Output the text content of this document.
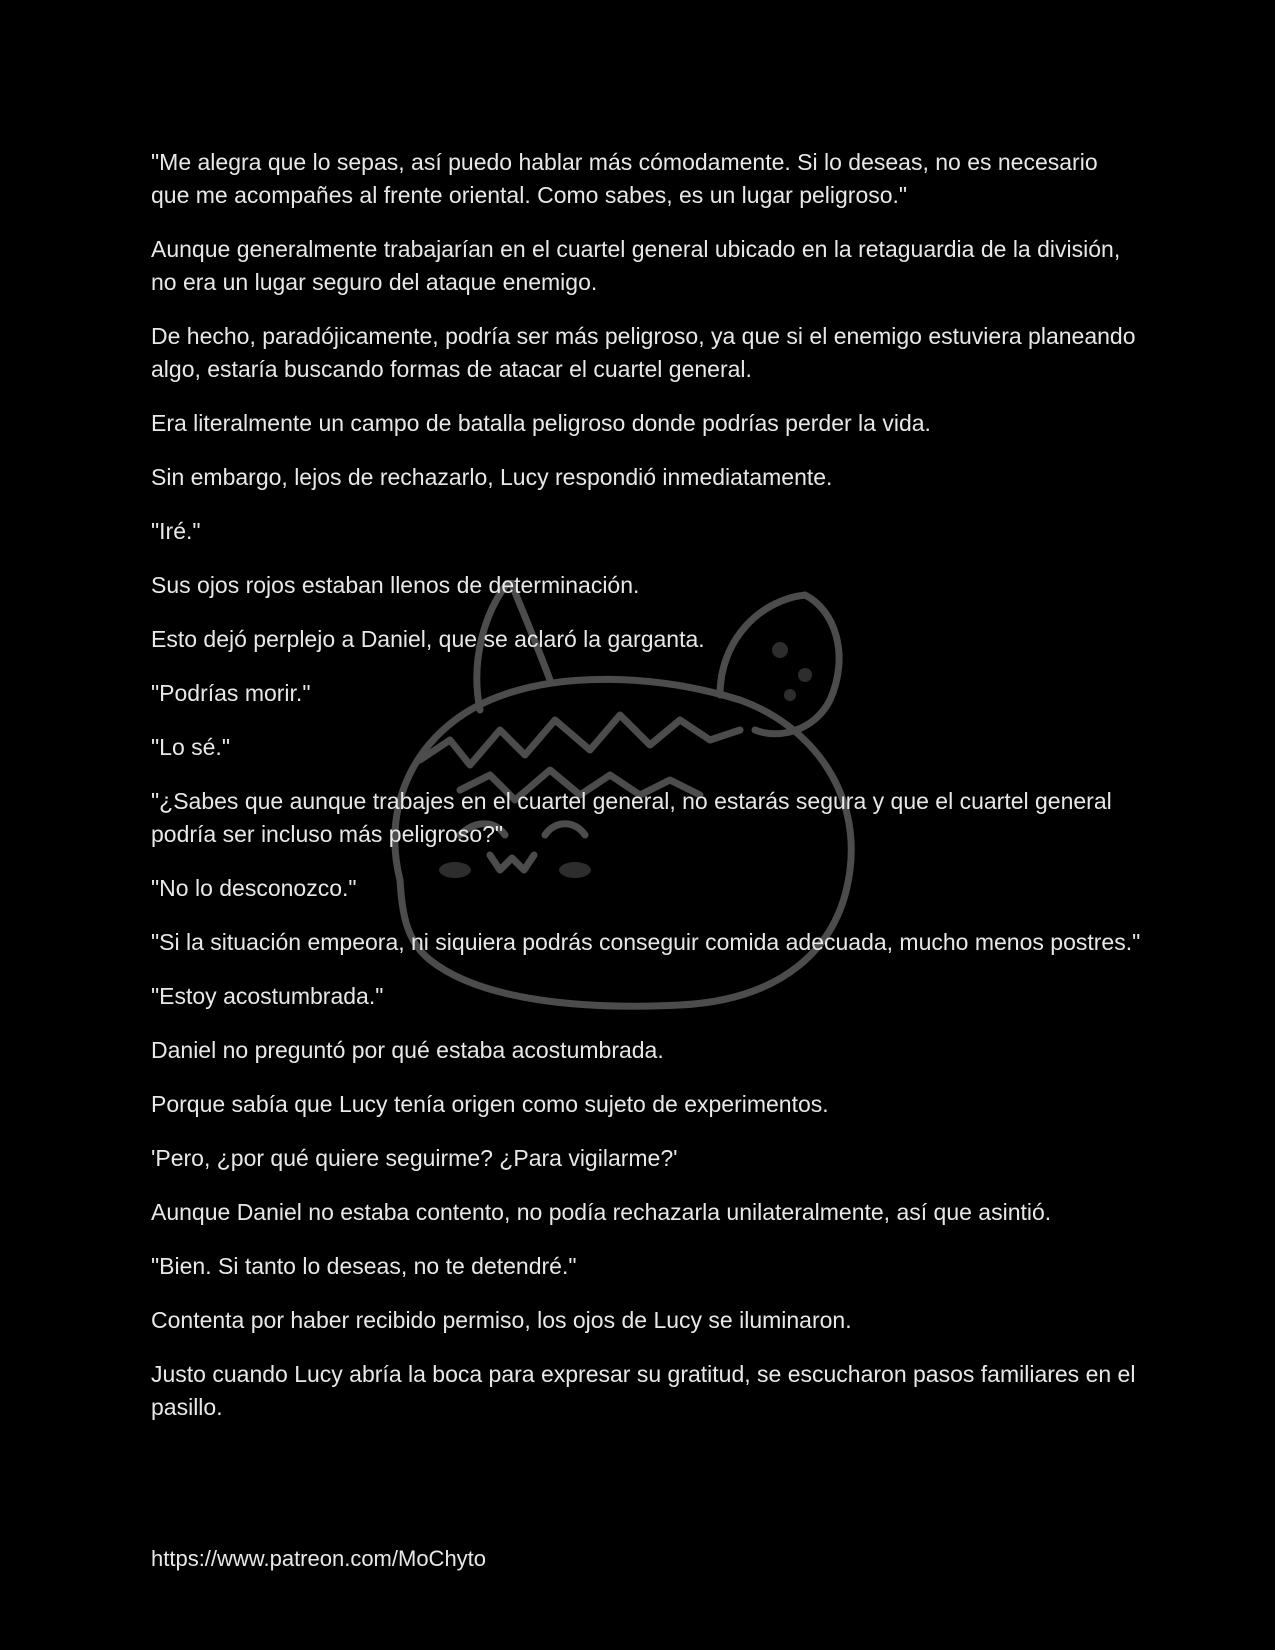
"Me alegra que lo sepas, así puedo hablar más cómodamente. Si lo deseas, no es necesario que me acompañes al frente oriental. Como sabes, es un lugar peligroso."

Aunque generalmente trabajarían en el cuartel general ubicado en la retaguardia de la división, no era un lugar seguro del ataque enemigo.

De hecho, paradójicamente, podría ser más peligroso, ya que si el enemigo estuviera planeando algo, estaría buscando formas de atacar el cuartel general.

Era literalmente un campo de batalla peligroso donde podrías perder la vida.

Sin embargo, lejos de rechazarlo, Lucy respondió inmediatamente.

"Iré."

Sus ojos rojos estaban llenos de determinación.

Esto dejó perplejo a Daniel, que se aclaró la garganta.

"Podrías morir."

"Lo sé."

"¿Sabes que aunque trabajes en el cuartel general, no estarás segura y que el cuartel general podría ser incluso más peligroso?"

"No lo desconozco."

"Si la situación empeora, ni siquiera podrás conseguir comida adecuada, mucho menos postres."

"Estoy acostumbrada."

Daniel no preguntó por qué estaba acostumbrada.

Porque sabía que Lucy tenía origen como sujeto de experimentos.

'Pero, ¿por qué quiere seguirme? ¿Para vigilarme?'

Aunque Daniel no estaba contento, no podía rechazarla unilateralmente, así que asintió.

"Bien. Si tanto lo deseas, no te detendré."

Contenta por haber recibido permiso, los ojos de Lucy se iluminaron.

Justo cuando Lucy abría la boca para expresar su gratitud, se escucharon pasos familiares en el pasillo.

https://www.patreon.com/MoChyto
